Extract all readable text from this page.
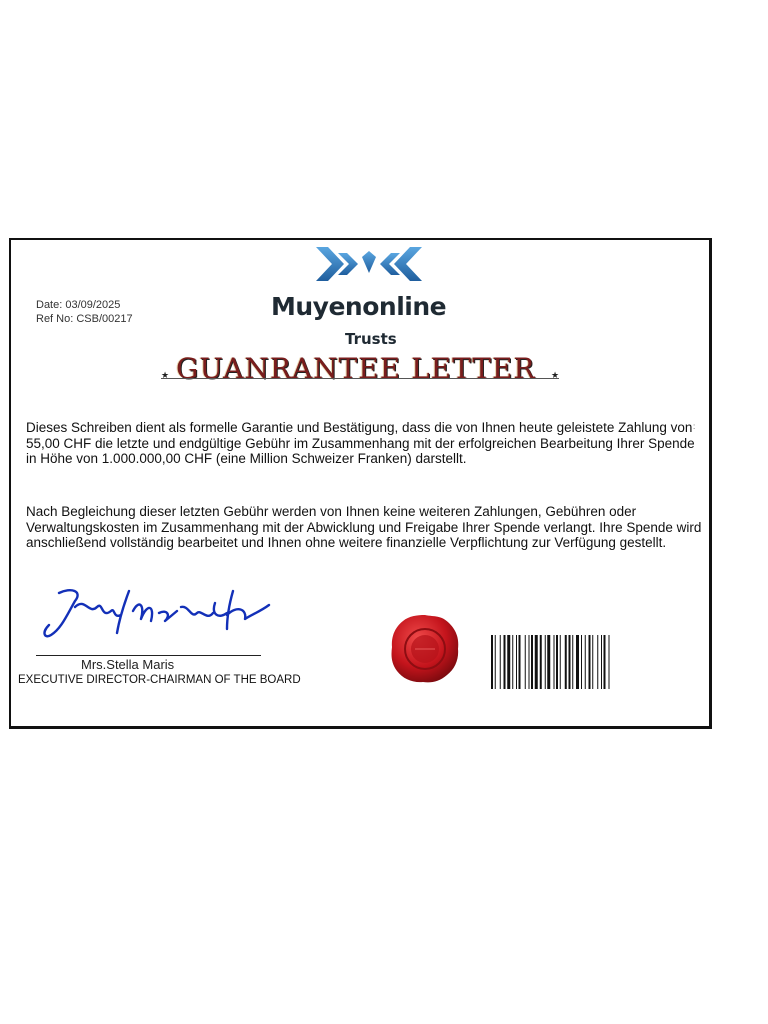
Muyenonline
Trusts
Date: 03/09/2025
Ref No: CSB/00217
★ GUANRANTEE LETTER ★
:
Dieses Schreiben dient als formelle Garantie und Bestätigung, dass die von Ihnen heute geleistete Zahlung von 55,00 CHF die letzte und endgültige Gebühr im Zusammenhang mit der erfolgreichen Bearbeitung Ihrer Spende in Höhe von 1.000.000,00 CHF (eine Million Schweizer Franken) darstellt.
Nach Begleichung dieser letzten Gebühr werden von Ihnen keine weiteren Zahlungen, Gebühren oder Verwaltungskosten im Zusammenhang mit der Abwicklung und Freigabe Ihrer Spende verlangt. Ihre Spende wird anschließend vollständig bearbeitet und Ihnen ohne weitere finanzielle Verpflichtung zur Verfügung gestellt.
Mrs.Stella Maris
EXECUTIVE DIRECTOR-CHAIRMAN OF THE BOARD
